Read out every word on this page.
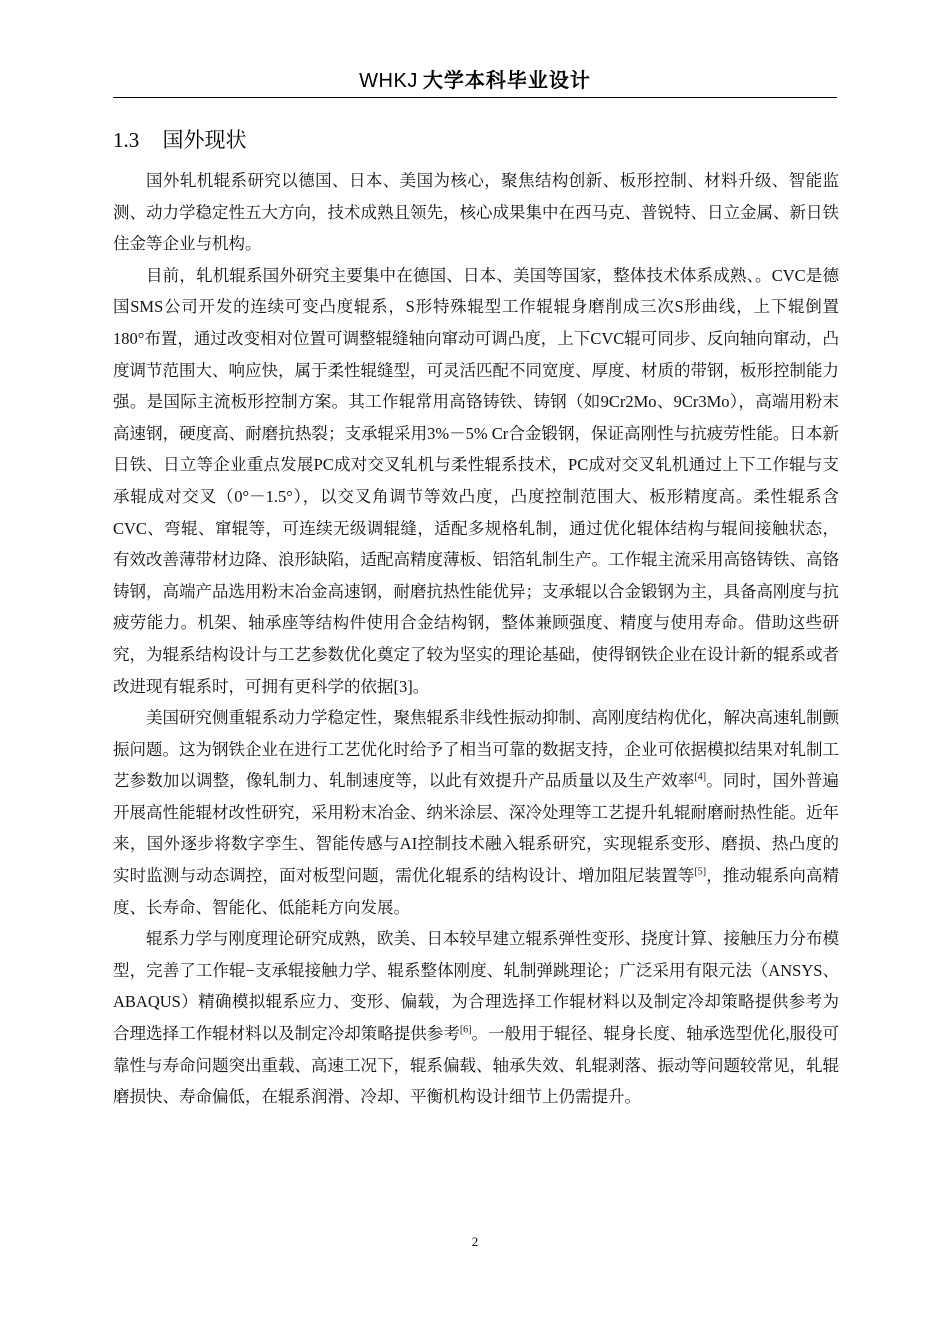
WHKJ 大学本科毕业设计
1.3 国外现状

国外轧机辊系研究以德国、日本、美国为核心，聚焦结构创新、板形控制、材料升级、智能监测、动力学稳定性五大方向，技术成熟且领先，核心成果集中在西马克、普锐特、日立金属、新日铁住金等企业与机构。

目前，轧机辊系国外研究主要集中在德国、日本、美国等国家，整体技术体系成熟、。CVC是德国SMS公司开发的连续可变凸度辊系，S形特殊辊型工作辊辊身磨削成三次S形曲线，上下辊倒置180°布置，通过改变相对位置可调整辊缝轴向窜动可调凸度，上下CVC辊可同步、反向轴向窜动，凸度调节范围大、响应快，属于柔性辊缝型，可灵活匹配不同宽度、厚度、材质的带钢，板形控制能力强。是国际主流板形控制方案。其工作辊常用高铬铸铁、铸钢（如9Cr2Mo、9Cr3Mo），高端用粉末高速钢，硬度高、耐磨抗热裂；支承辊采用3%－5% Cr合金锻钢，保证高刚性与抗疲劳性能。日本新日铁、日立等企业重点发展PC成对交叉轧机与柔性辊系技术，PC成对交叉轧机通过上下工作辊与支承辊成对交叉（0°－1.5°），以交叉角调节等效凸度，凸度控制范围大、板形精度高。柔性辊系含CVC、弯辊、窜辊等，可连续无级调辊缝，适配多规格轧制，通过优化辊体结构与辊间接触状态，有效改善薄带材边降、浪形缺陷，适配高精度薄板、铝箔轧制生产。工作辊主流采用高铬铸铁、高铬铸钢，高端产品选用粉末冶金高速钢，耐磨抗热性能优异；支承辊以合金锻钢为主，具备高刚度与抗疲劳能力。机架、轴承座等结构件使用合金结构钢，整体兼顾强度、精度与使用寿命。借助这些研究，为辊系结构设计与工艺参数优化奠定了较为坚实的理论基础，使得钢铁企业在设计新的辊系或者改进现有辊系时，可拥有更科学的依据[3]。

美国研究侧重辊系动力学稳定性，聚焦辊系非线性振动抑制、高刚度结构优化，解决高速轧制颤振问题。这为钢铁企业在进行工艺优化时给予了相当可靠的数据支持，企业可依据模拟结果对轧制工艺参数加以调整，像轧制力、轧制速度等，以此有效提升产品质量以及生产效率[4]。同时，国外普遍开展高性能辊材改性研究，采用粉末冶金、纳米涂层、深冷处理等工艺提升轧辊耐磨耐热性能。近年来，国外逐步将数字孪生、智能传感与AI控制技术融入辊系研究，实现辊系变形、磨损、热凸度的实时监测与动态调控，面对板型问题，需优化辊系的结构设计、增加阻尼装置等[5]，推动辊系向高精度、长寿命、智能化、低能耗方向发展。

辊系力学与刚度理论研究成熟，欧美、日本较早建立辊系弹性变形、挠度计算、接触压力分布模型，完善了工作辊−支承辊接触力学、辊系整体刚度、轧制弹跳理论；广泛采用有限元法（ANSYS、ABAQUS）精确模拟辊系应力、变形、偏载，为合理选择工作辊材料以及制定冷却策略提供参考为合理选择工作辊材料以及制定冷却策略提供参考[6]。一般用于辊径、辊身长度、轴承选型优化,服役可靠性与寿命问题突出重载、高速工况下，辊系偏载、轴承失效、轧辊剥落、振动等问题较常见，轧辊磨损快、寿命偏低，在辊系润滑、冷却、平衡机构设计细节上仍需提升。

2
